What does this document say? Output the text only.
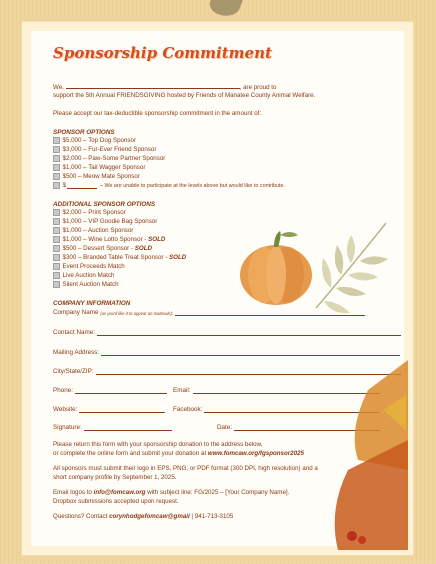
Sponsorship Commitment
We,	, are proud to
support the 5th Annual FRIENDSGIVING hosted by Friends of Manatee County Animal Welfare.
Please accept our tax-deductible sponsorship commitment in the amount of:
SPONSOR OPTIONS
$5,000 – Top Dog Sponsor
$3,000 – Fur-Ever Friend Sponsor
$2,000 – Paw-Some Partner Sponsor
$1,000 – Tail Wagger Sponsor
$500 – Meow Mate Sponsor
$	– We are unable to participate at the levels above but would like to contribute.
ADDITIONAL SPONSOR OPTIONS
$2,000 – Print Sponsor
$1,000 – VIP Goodie Bag Sponsor
$1,000 – Auction Sponsor
$1,000 – Wine Lotto Sponsor -
SOLD
$500 – Dessert Sponsor -
SOLD
$300 – Branded Table Treat Sponsor -
SOLD
Event Proceeds Match
Live Auction Match
Silent Auction Match
COMPANY INFORMATION
Company Name
(as you'd like it to appear on materials):
Contact Name:
Mailing Address:
City/State/ZIP:
Phone:	Email:
Website:	Facebook:
Signature:	Date:
Please return this form with your sponsorship donation to the address below,
or complete the online form and submit your donation at www.fomcaw.org/fgsponsor2025
All sponsors must submit their logo in EPS, PNG, or PDF format (300 DPI, high resolution) and a
short company profile by September 1, 2025.
Email logos to info@fomcaw.org with subject line: FG/2025 – [Your Company Name].
Dropbox submissions accepted upon request.
Questions? Contact corynhodgefomcaw@gmail | 941-713-3105
